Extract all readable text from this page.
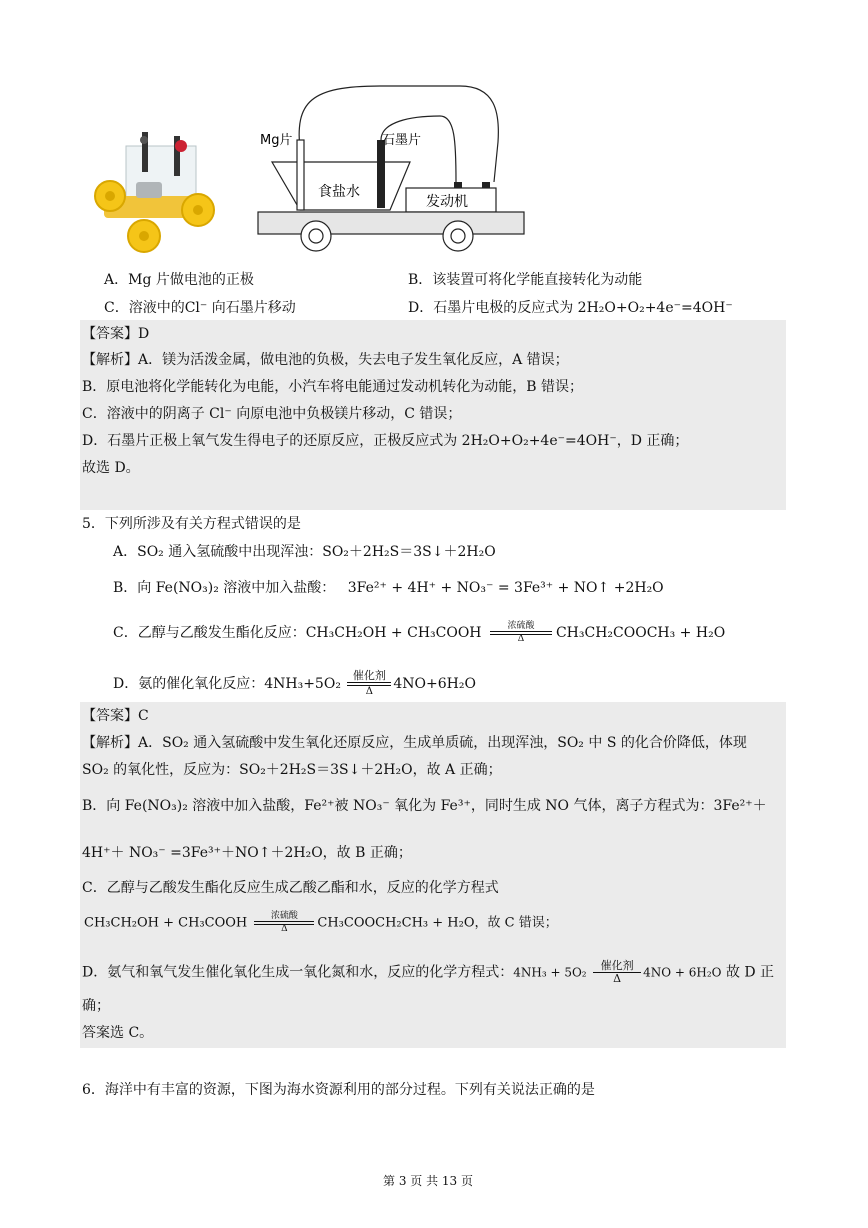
Mg片	石墨片
食盐水
发动机
A．Mg 片做电池的正极	B．该装置可将化学能直接转化为动能
C．溶液中的Cl⁻ 向石墨片移动	D．石墨片电极的反应式为 2H₂O+O₂+4e⁻=4OH⁻
【答案】D
【解析】A．镁为活泼金属，做电池的负极，失去电子发生氧化反应，A 错误；
B．原电池将化学能转化为电能，小汽车将电能通过发动机转化为动能，B 错误；
C．溶液中的阴离子 Cl⁻ 向原电池中负极镁片移动，C 错误；
D．石墨片正极上氧气发生得电子的还原反应，正极反应式为 2H₂O+O₂+4e⁻=4OH⁻，D 正确；
故选 D。
5．下列所涉及有关方程式错误的是
A．SO₂ 通入氢硫酸中出现浑浊：SO₂＋2H₂S＝3S↓＋2H₂O
B．向 Fe(NO₃)₂ 溶液中加入盐酸： 3Fe²⁺ + 4H⁺ + NO₃⁻ = 3Fe³⁺ + NO↑ +2H₂O
C．乙醇与乙酸发生酯化反应：CH₃CH₂OH + CH₃COOH $\frac{\text{浓硫酸}}{\Delta}$ CH₃CH₂COOCH₃ + H₂O
D．氨的催化氧化反应：$4NH_3+5O_2 \frac{\text{催化剂}}{\Delta} 4NO+6H_2O$
【答案】C
【解析】A．SO₂ 通入氢硫酸中发生氧化还原反应，生成单质硫，出现浑浊，SO₂ 中 S 的化合价降低，体现
SO₂ 的氧化性，反应为：SO₂＋2H₂S＝3S↓＋2H₂O，故 A 正确；
B．向 Fe(NO₃)₂ 溶液中加入盐酸，Fe²⁺被 NO₃⁻ 氧化为 Fe³⁺，同时生成 NO 气体，离子方程式为：3Fe²⁺＋
4H⁺＋ NO₃⁻ =3Fe³⁺＋NO↑＋2H₂O，故 B 正确；
C．乙醇与乙酸发生酯化反应生成乙酸乙酯和水，反应的化学方程式
CH₃CH₂OH + CH₃COOH $\frac{\text{浓硫酸}}{\Delta}$ CH₃COOCH₂CH₃ + H₂O，故 C 错误；
D．氨气和氧气发生催化氧化生成一氧化氮和水，反应的化学方程式：$4NH_3 + 5O_2 \frac{\text{催化剂}}{\Delta} 4NO + 6H_2O$ 故 D 正
确；
答案选 C。
6．海洋中有丰富的资源，下图为海水资源利用的部分过程。下列有关说法正确的是
第 3 页 共 13 页
